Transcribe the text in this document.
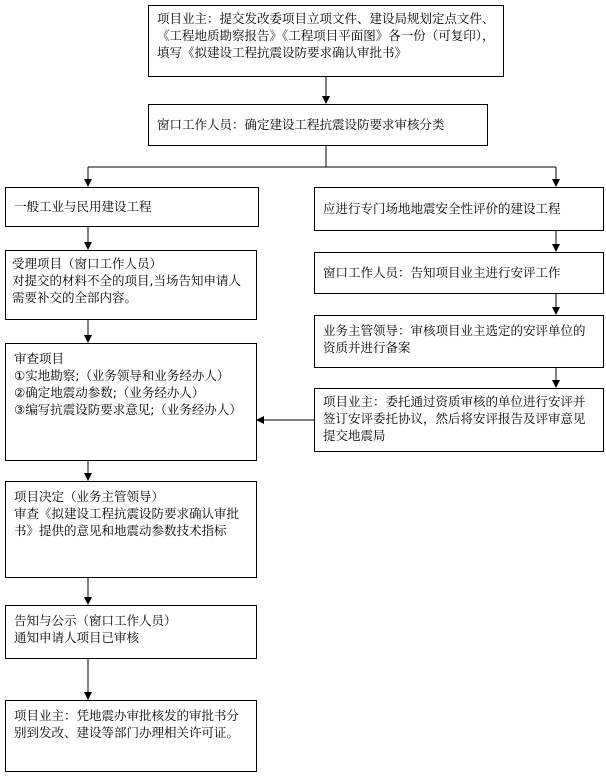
项目业主：提交发改委项目立项文件、建设局规划定点文件、《工程地质勘察报告》《工程项目平面图》各一份（可复印），填写《拟建设工程抗震设防要求确认审批书》

窗口工作人员：确定建设工程抗震设防要求审核分类

一般工业与民用建设工程	应进行专门场地地震安全性评价的建设工程

受理项目（窗口工作人员）

对提交的材料不全的项目,当场告知申请人需要补交的全部内容。

窗口工作人员：告知项目业主进行安评工作

业务主管领导：审核项目业主选定的安评单位的资质并进行备案

审查项目

①实地勘察;（业务领导和业务经办人）

②确定地震动参数;（业务经办人）

③编写抗震设防要求意见;（业务经办人）

项目业主：委托通过资质审核的单位进行安评并签订安评委托协议，然后将安评报告及评审意见提交地震局

项目决定（业务主管领导）

审查《拟建设工程抗震设防要求确认审批书》提供的意见和地震动参数技术指标

告知与公示（窗口工作人员）

通知申请人项目已审核

项目业主：凭地震办审批核发的审批书分别到发改、建设等部门办理相关许可证。
